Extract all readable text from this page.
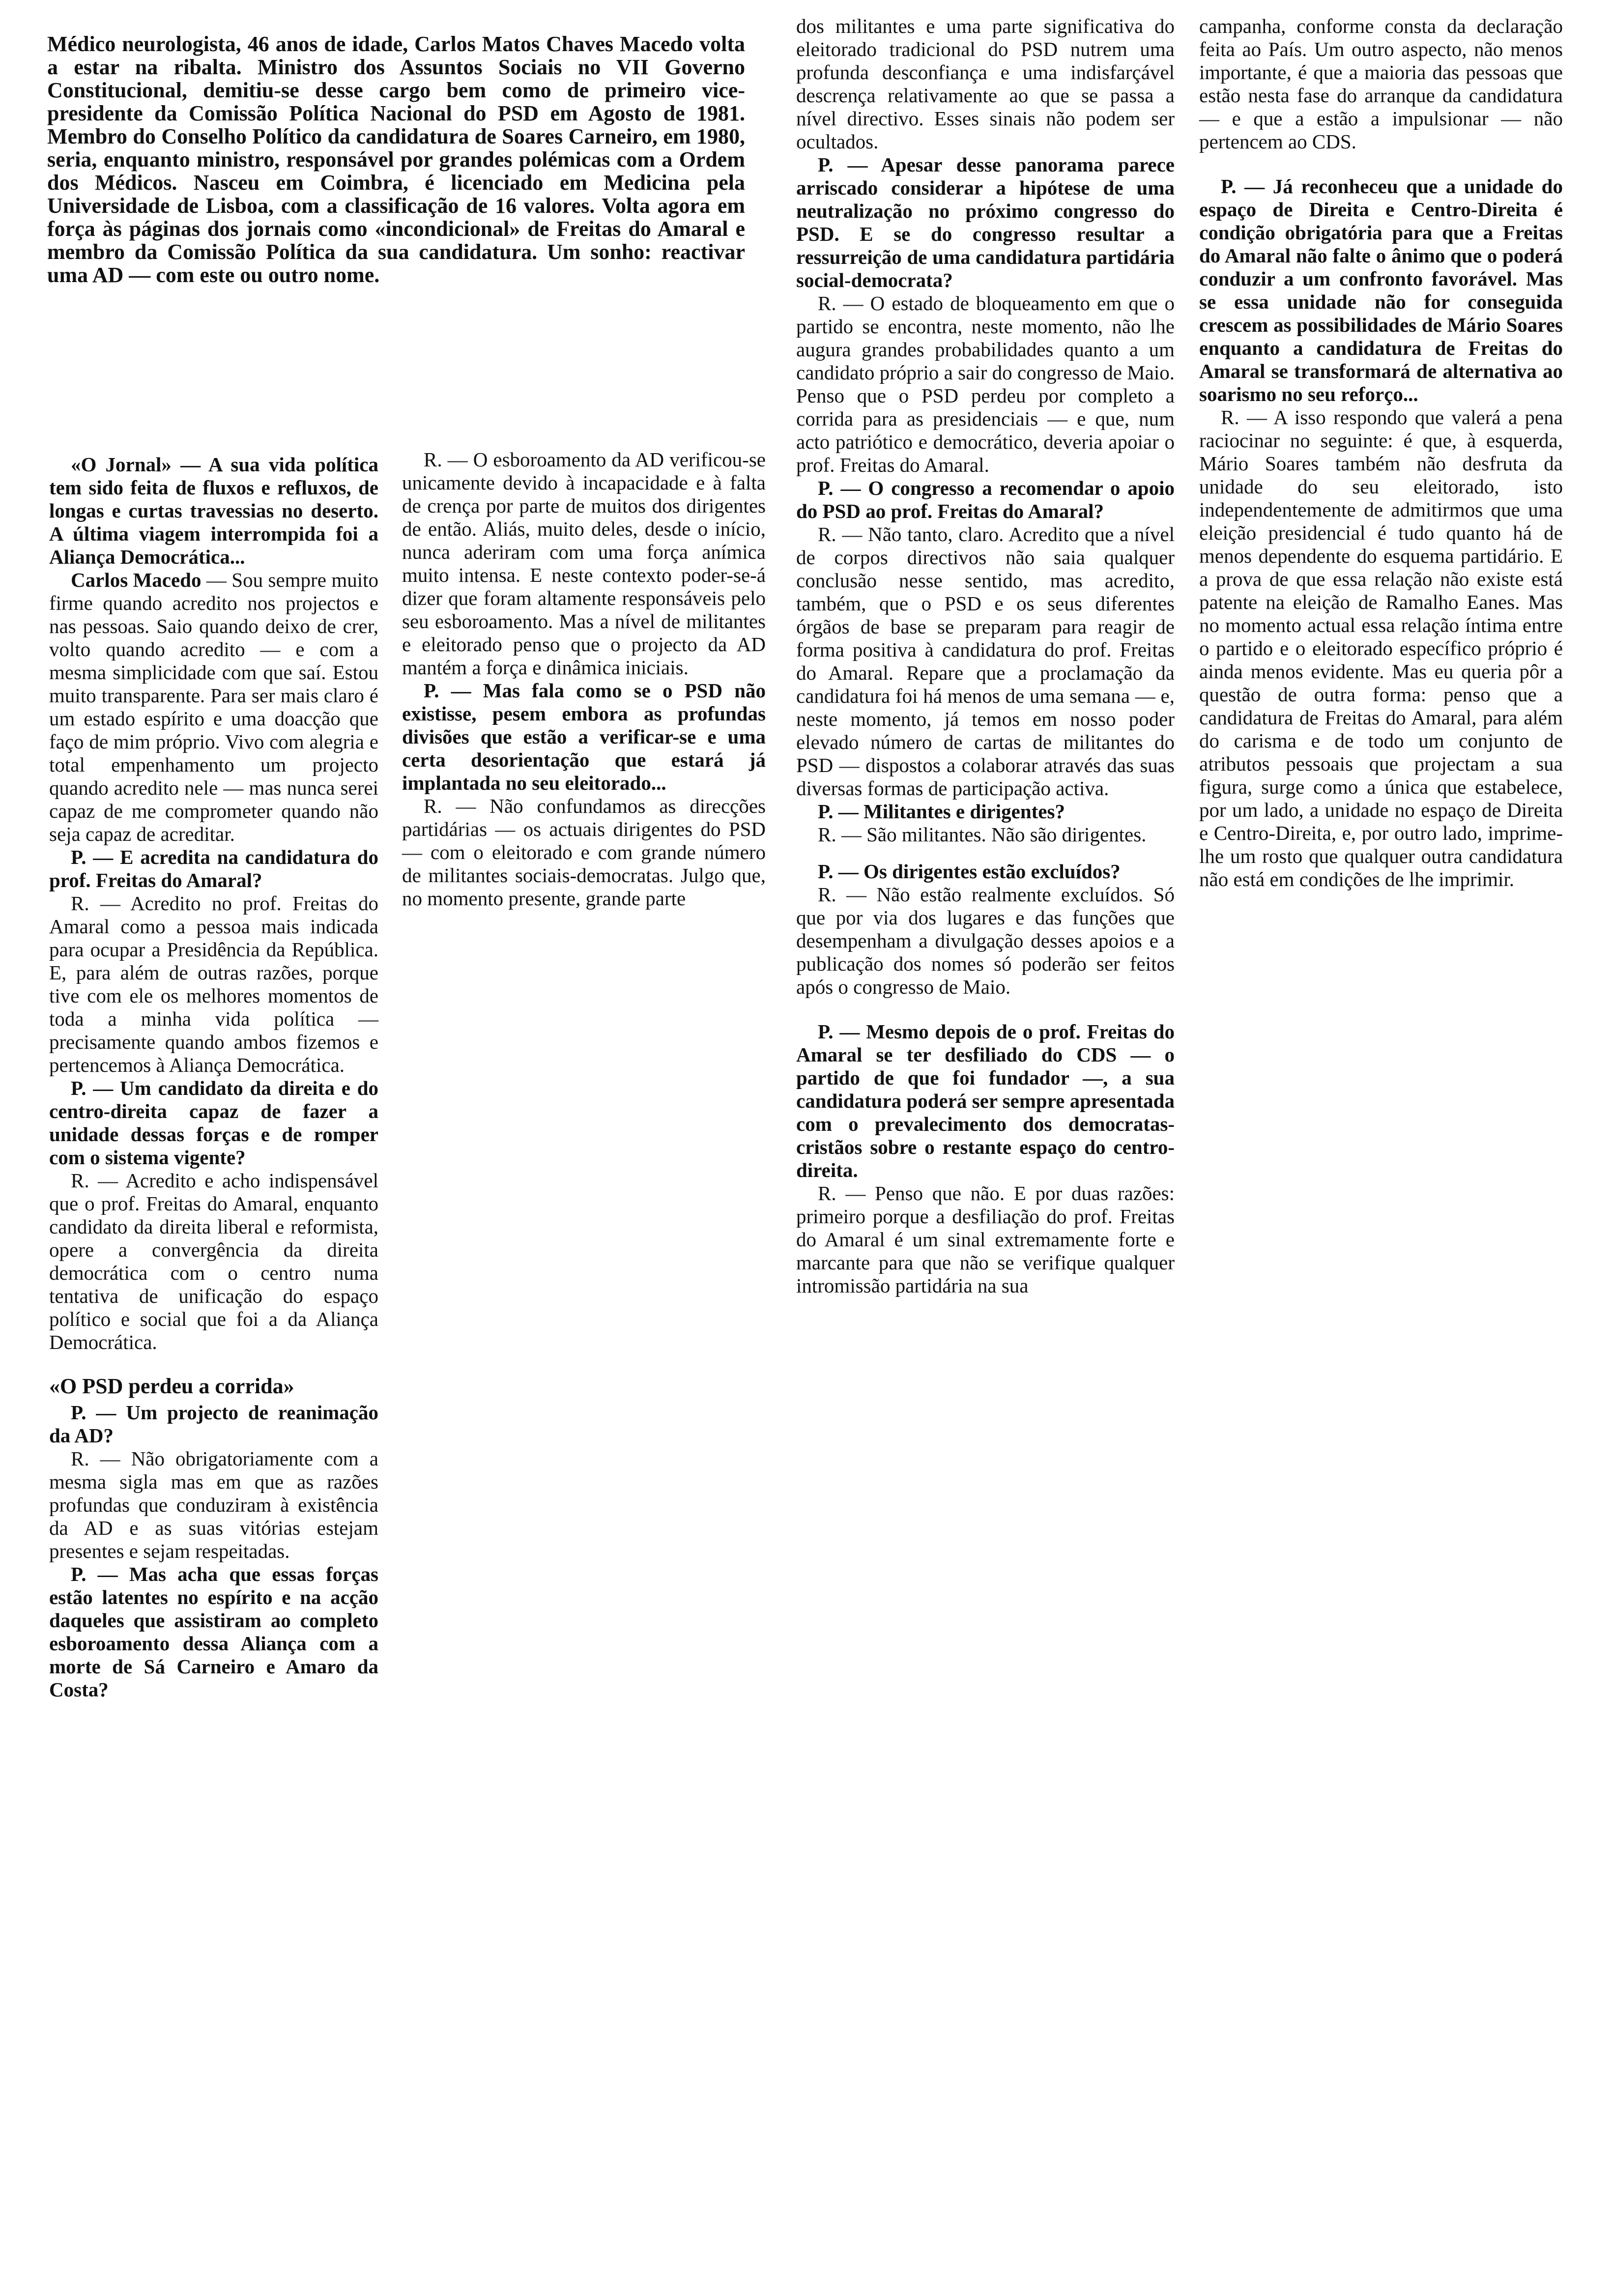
Médico neurologista, 46 anos de idade, Carlos Matos Chaves Macedo volta a estar na ribalta. Ministro dos Assuntos Sociais no VII Governo Constitucional, demitiu-se desse cargo bem como de primeiro vice-presidente da Comissão Política Nacional do PSD em Agosto de 1981. Membro do Conselho Político da candidatura de Soares Carneiro, em 1980, seria, enquanto ministro, responsável por grandes polémicas com a Ordem dos Médicos. Nasceu em Coimbra, é licenciado em Medicina pela Universidade de Lisboa, com a classificação de 16 valores. Volta agora em força às páginas dos jornais como «incondicional» de Freitas do Amaral e membro da Comissão Política da sua candidatura. Um sonho: reactivar uma AD — com este ou outro nome.

«O Jornal» — A sua vida política tem sido feita de fluxos e refluxos, de longas e curtas travessias no deserto. A última viagem interrompida foi a Aliança Democrática...

Carlos Macedo — Sou sempre muito firme quando acredito nos projectos e nas pessoas. Saio quando deixo de crer, volto quando acredito — e com a mesma simplicidade com que saí. Estou muito transparente. Para ser mais claro é um estado espírito e uma doacção que faço de mim próprio. Vivo com alegria e total empenhamento um projecto quando acredito nele — mas nunca serei capaz de me comprometer quando não seja capaz de acreditar.

P. — E acredita na candidatura do prof. Freitas do Amaral?

R. — Acredito no prof. Freitas do Amaral como a pessoa mais indicada para ocupar a Presidência da República. E, para além de outras razões, porque tive com ele os melhores momentos de toda a minha vida política — precisamente quando ambos fizemos e pertencemos à Aliança Democrática.

P. — Um candidato da direita e do centro-direita capaz de fazer a unidade dessas forças e de romper com o sistema vigente?

R. — Acredito e acho indispensável que o prof. Freitas do Amaral, enquanto candidato da direita liberal e reformista, opere a convergência da direita democrática com o centro numa tentativa de unificação do espaço político e social que foi a da Aliança Democrática.

«O PSD perdeu a corrida»

P. — Um projecto de reanimação da AD?

R. — Não obrigatoriamente com a mesma sigla mas em que as razões profundas que conduziram à existência da AD e as suas vitórias estejam presentes e sejam respeitadas.

P. — Mas acha que essas forças estão latentes no espírito e na acção daqueles que assistiram ao completo esboroamento dessa Aliança com a morte de Sá Carneiro e Amaro da Costa?

R. — O esboroamento da AD verificou-se unicamente devido à incapacidade e à falta de crença por parte de muitos dos dirigentes de então. Aliás, muito deles, desde o início, nunca aderiram com uma força anímica muito intensa. E neste contexto poder-se-á dizer que foram altamente responsáveis pelo seu esboroamento. Mas a nível de militantes e eleitorado penso que o projecto da AD mantém a força e dinâmica iniciais.

P. — Mas fala como se o PSD não existisse, pesem embora as profundas divisões que estão a verificar-se e uma certa desorientação que estará já implantada no seu eleitorado...

R. — Não confundamos as direcções partidárias — os actuais dirigentes do PSD — com o eleitorado e com grande número de militantes sociais-democratas. Julgo que, no momento presente, grande parte

dos militantes e uma parte significativa do eleitorado tradicional do PSD nutrem uma profunda desconfiança e uma indisfarçável descrença relativamente ao que se passa a nível directivo. Esses sinais não podem ser ocultados.

P. — Apesar desse panorama parece arriscado considerar a hipótese de uma neutralização no próximo congresso do PSD. E se do congresso resultar a ressurreição de uma candidatura partidária social-democrata?

R. — O estado de bloqueamento em que o partido se encontra, neste momento, não lhe augura grandes probabilidades quanto a um candidato próprio a sair do congresso de Maio. Penso que o PSD perdeu por completo a corrida para as presidenciais — e que, num acto patriótico e democrático, deveria apoiar o prof. Freitas do Amaral.

P. — O congresso a recomendar o apoio do PSD ao prof. Freitas do Amaral?

R. — Não tanto, claro. Acredito que a nível de corpos directivos não saia qualquer conclusão nesse sentido, mas acredito, também, que o PSD e os seus diferentes órgãos de base se preparam para reagir de forma positiva à candidatura do prof. Freitas do Amaral. Repare que a proclamação da candidatura foi há menos de uma semana — e, neste momento, já temos em nosso poder elevado número de cartas de militantes do PSD — dispostos a colaborar através das suas diversas formas de participação activa.

P. — Militantes e dirigentes?

R. — São militantes. Não são dirigentes.

P. — Os dirigentes estão excluídos?

R. — Não estão realmente excluídos. Só que por via dos lugares e das funções que desempenham a divulgação desses apoios e a publicação dos nomes só poderão ser feitos após o congresso de Maio.

P. — Mesmo depois de o prof. Freitas do Amaral se ter desfiliado do CDS — o partido de que foi fundador —, a sua candidatura poderá ser sempre apresentada com o prevalecimento dos democratas-cristãos sobre o restante espaço do centro-direita.

R. — Penso que não. E por duas razões: primeiro porque a desfiliação do prof. Freitas do Amaral é um sinal extremamente forte e marcante para que não se verifique qualquer intromissão partidária na sua

campanha, conforme consta da declaração feita ao País. Um outro aspecto, não menos importante, é que a maioria das pessoas que estão nesta fase do arranque da candidatura — e que a estão a impulsionar — não pertencem ao CDS.

P. — Já reconheceu que a unidade do espaço de Direita e Centro-Direita é condição obrigatória para que a Freitas do Amaral não falte o ânimo que o poderá conduzir a um confronto favorável. Mas se essa unidade não for conseguida crescem as possibilidades de Mário Soares enquanto a candidatura de Freitas do Amaral se transformará de alternativa ao soarismo no seu reforço...

R. — A isso respondo que valerá a pena raciocinar no seguinte: é que, à esquerda, Mário Soares também não desfruta da unidade do seu eleitorado, isto independentemente de admitirmos que uma eleição presidencial é tudo quanto há de menos dependente do esquema partidário. E a prova de que essa relação não existe está patente na eleição de Ramalho Eanes. Mas no momento actual essa relação íntima entre o partido e o eleitorado específico próprio é ainda menos evidente. Mas eu queria pôr a questão de outra forma: penso que a candidatura de Freitas do Amaral, para além do carisma e de todo um conjunto de atributos pessoais que projectam a sua figura, surge como a única que estabelece, por um lado, a unidade no espaço de Direita e Centro-Direita, e, por outro lado, imprime-lhe um rosto que qualquer outra candidatura não está em condições de lhe imprimir.
